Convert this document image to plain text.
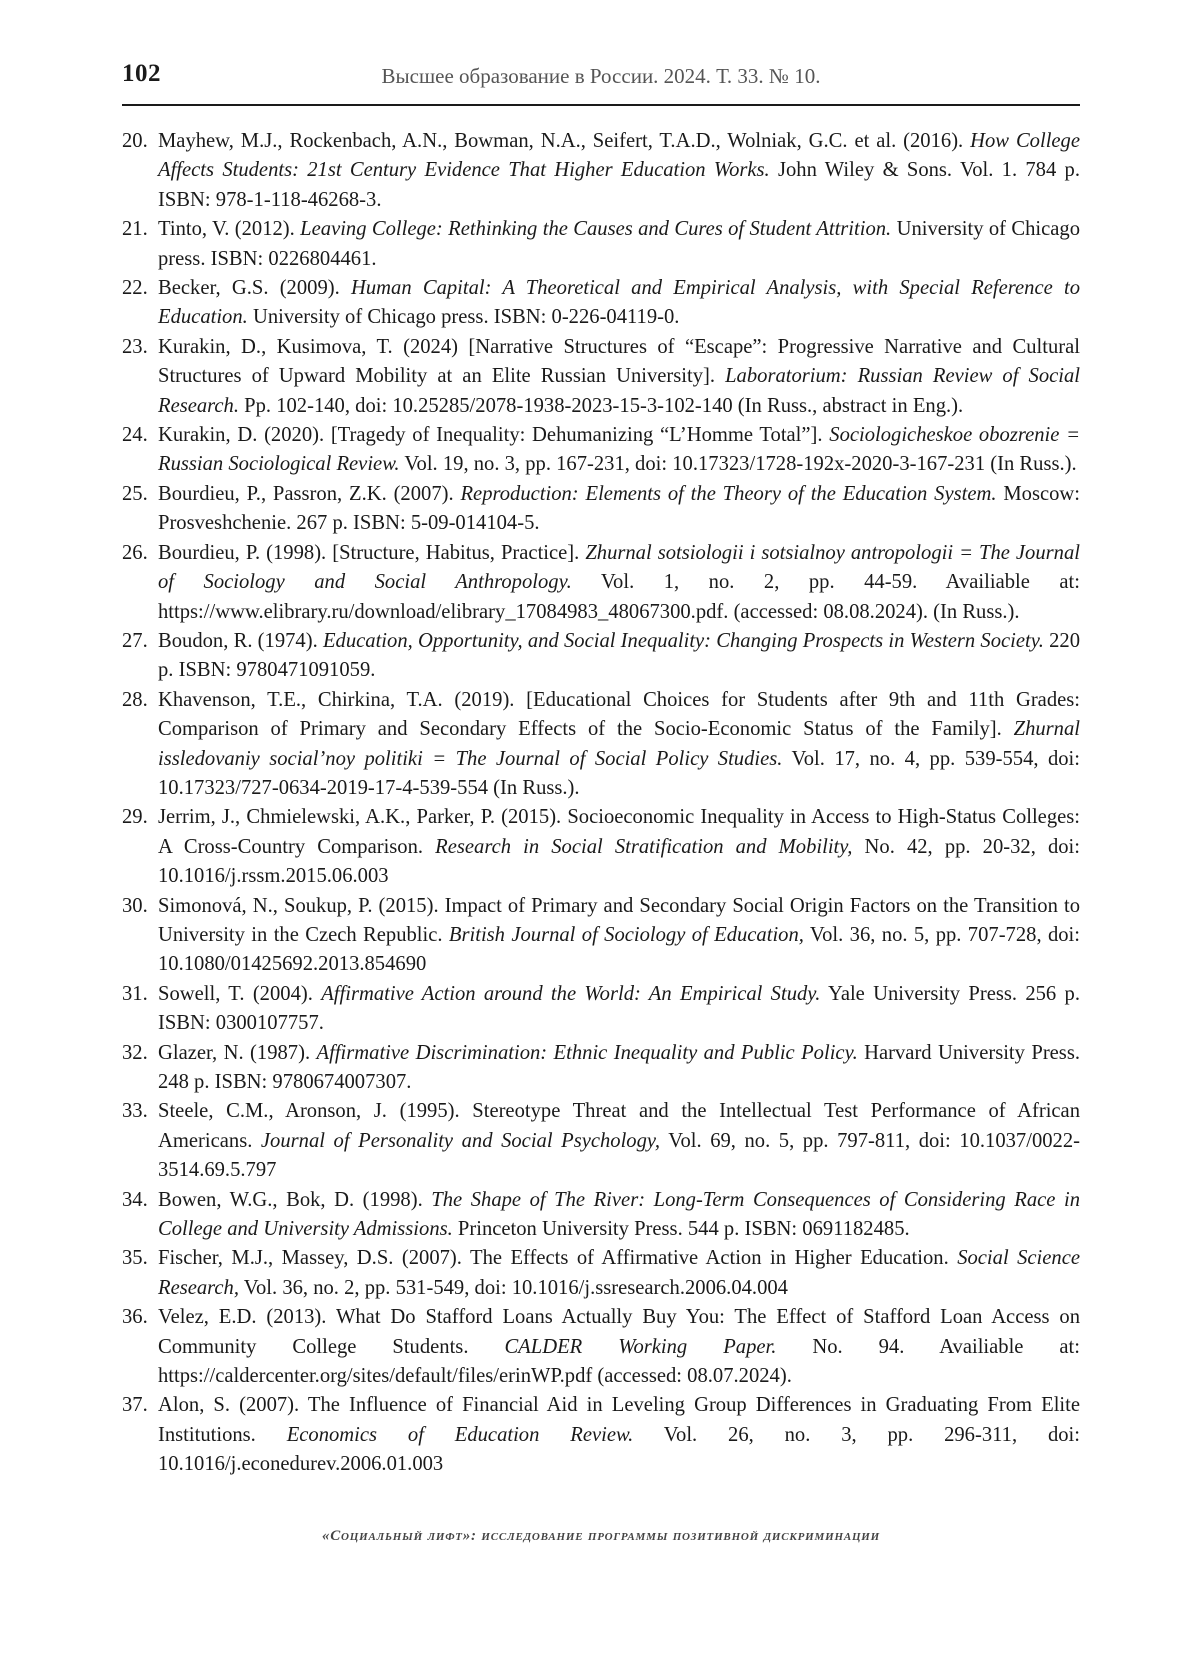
102	Высшее образование в России. 2024. Т. 33. № 10.
20. Mayhew, M.J., Rockenbach, A.N., Bowman, N.A., Seifert, T.A.D., Wolniak, G.C. et al. (2016). How College Affects Students: 21st Century Evidence That Higher Education Works. John Wiley & Sons. Vol. 1. 784 p. ISBN: 978-1-118-46268-3.
21. Tinto, V. (2012). Leaving College: Rethinking the Causes and Cures of Student Attrition. University of Chicago press. ISBN: 0226804461.
22. Becker, G.S. (2009). Human Capital: A Theoretical and Empirical Analysis, with Special Reference to Education. University of Chicago press. ISBN: 0-226-04119-0.
23. Kurakin, D., Kusimova, T. (2024) [Narrative Structures of “Escape”: Progressive Narrative and Cultural Structures of Upward Mobility at an Elite Russian University]. Laboratorium: Russian Review of Social Research. Pp. 102-140, doi: 10.25285/2078-1938-2023-15-3-102-140 (In Russ., abstract in Eng.).
24. Kurakin, D. (2020). [Tragedy of Inequality: Dehumanizing “L’Homme Total”]. Sociologicheskoe obozrenie = Russian Sociological Review. Vol. 19, no. 3, pp. 167-231, doi: 10.17323/1728-192x-2020-3-167-231 (In Russ.).
25. Bourdieu, P., Passron, Z.K. (2007). Reproduction: Elements of the Theory of the Education System. Moscow: Prosveshchenie. 267 p. ISBN: 5-09-014104-5.
26. Bourdieu, P. (1998). [Structure, Habitus, Practice]. Zhurnal sotsiologii i sotsialnoy antropologii = The Journal of Sociology and Social Anthropology. Vol. 1, no. 2, pp. 44-59. Availiable at: https://www.elibrary.ru/download/elibrary_17084983_48067300.pdf. (accessed: 08.08.2024). (In Russ.).
27. Boudon, R. (1974). Education, Opportunity, and Social Inequality: Changing Prospects in Western Society. 220 p. ISBN: 9780471091059.
28. Khavenson, T.E., Chirkina, T.A. (2019). [Educational Choices for Students after 9th and 11th Grades: Comparison of Primary and Secondary Effects of the Socio-Economic Status of the Family]. Zhurnal issledovaniy social’noy politiki = The Journal of Social Policy Studies. Vol. 17, no. 4, pp. 539-554, doi: 10.17323/727-0634-2019-17-4-539-554 (In Russ.).
29. Jerrim, J., Chmielewski, A.K., Parker, P. (2015). Socioeconomic Inequality in Access to High-Status Colleges: A Cross-Country Comparison. Research in Social Stratification and Mobility, No. 42, pp. 20-32, doi: 10.1016/j.rssm.2015.06.003
30. Simonová, N., Soukup, P. (2015). Impact of Primary and Secondary Social Origin Factors on the Transition to University in the Czech Republic. British Journal of Sociology of Education, Vol. 36, no. 5, pp. 707-728, doi: 10.1080/01425692.2013.854690
31. Sowell, T. (2004). Affirmative Action around the World: An Empirical Study. Yale University Press. 256 p. ISBN: 0300107757.
32. Glazer, N. (1987). Affirmative Discrimination: Ethnic Inequality and Public Policy. Harvard University Press. 248 p. ISBN: 9780674007307.
33. Steele, C.M., Aronson, J. (1995). Stereotype Threat and the Intellectual Test Performance of African Americans. Journal of Personality and Social Psychology, Vol. 69, no. 5, pp. 797-811, doi: 10.1037/0022-3514.69.5.797
34. Bowen, W.G., Bok, D. (1998). The Shape of The River: Long-Term Consequences of Considering Race in College and University Admissions. Princeton University Press. 544 p. ISBN: 0691182485.
35. Fischer, M.J., Massey, D.S. (2007). The Effects of Affirmative Action in Higher Education. Social Science Research, Vol. 36, no. 2, pp. 531-549, doi: 10.1016/j.ssresearch.2006.04.004
36. Velez, E.D. (2013). What Do Stafford Loans Actually Buy You: The Effect of Stafford Loan Access on Community College Students. CALDER Working Paper. No. 94. Availiable at: https://caldercenter.org/sites/default/files/erinWP.pdf (accessed: 08.07.2024).
37. Alon, S. (2007). The Influence of Financial Aid in Leveling Group Differences in Graduating From Elite Institutions. Economics of Education Review. Vol. 26, no. 3, pp. 296-311, doi: 10.1016/j.econedurev.2006.01.003
«Социальный лифт»: исследование программы позитивной дискриминации
